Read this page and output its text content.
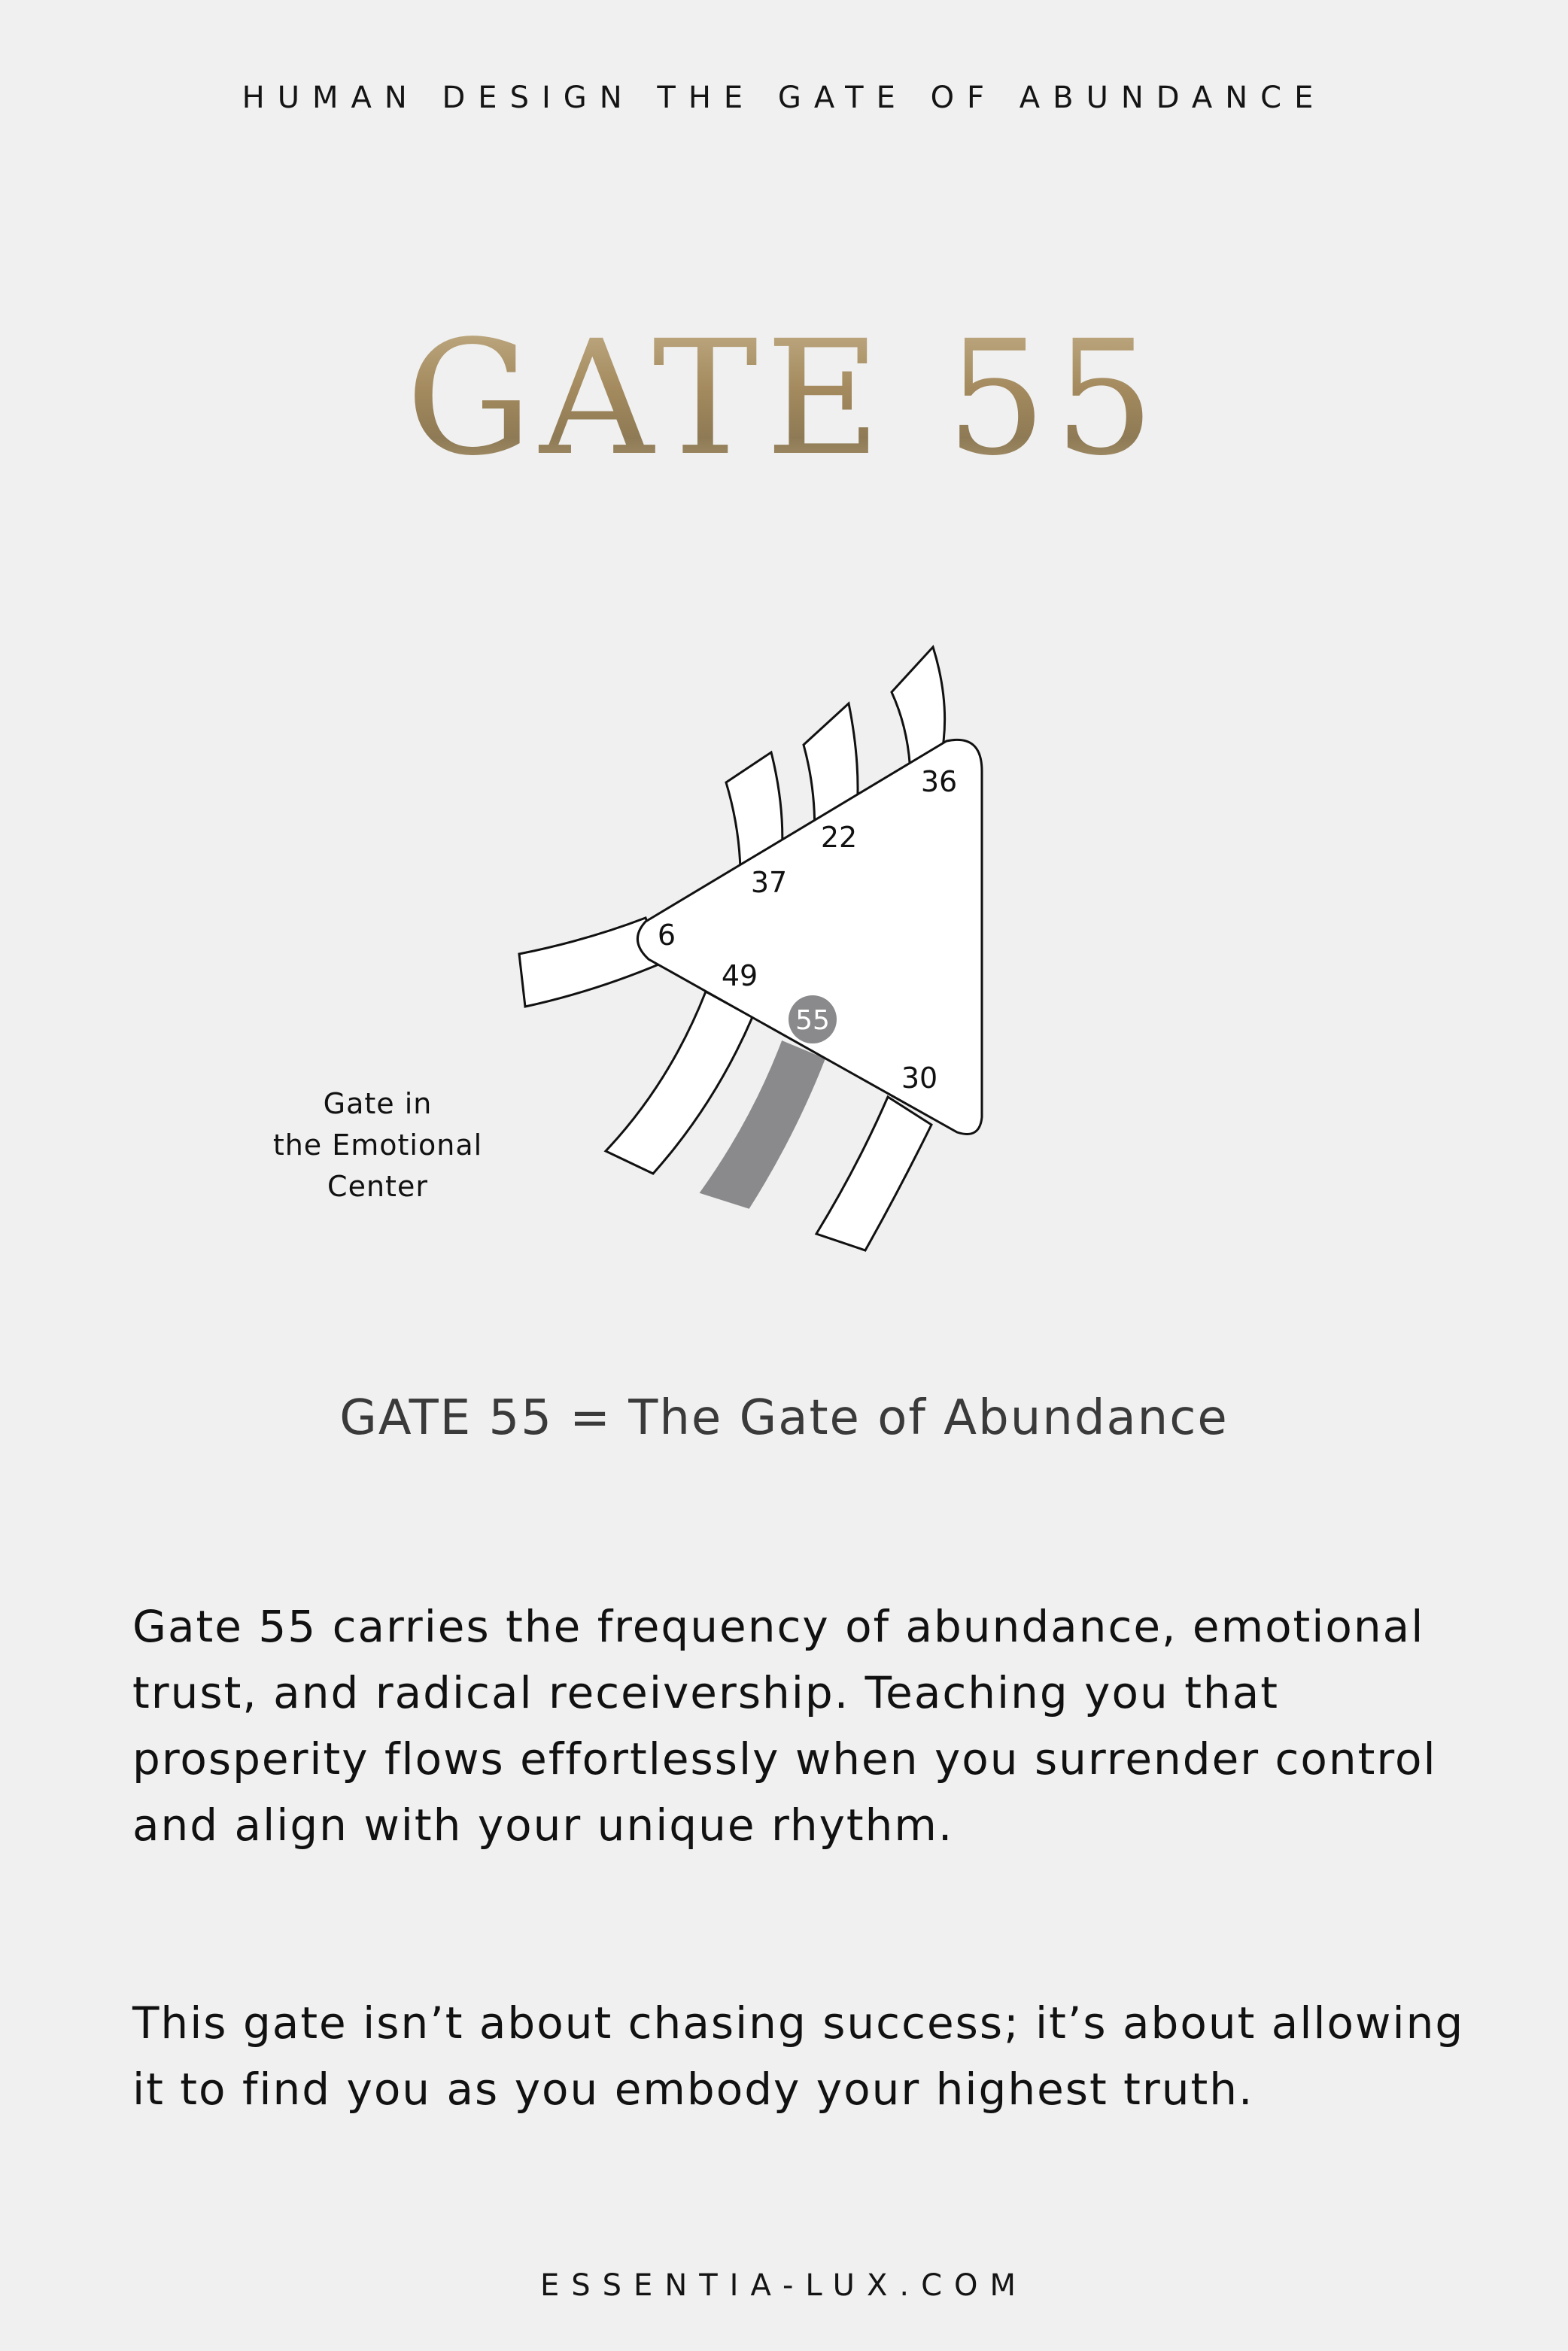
HUMAN DESIGN THE GATE OF ABUNDANCE
GATE 55
36
22
37
6
49
55
30
Gate in
the Emotional
Center
GATE 55 = The Gate of Abundance
Gate 55 carries the frequency of abundance, emotional trust, and radical receivership. Teaching you that prosperity flows effortlessly when you surrender control and align with your unique rhythm.
This gate isn’t about chasing success; it’s about allowing it to find you as you embody your highest truth.
ESSENTIA-LUX.COM
